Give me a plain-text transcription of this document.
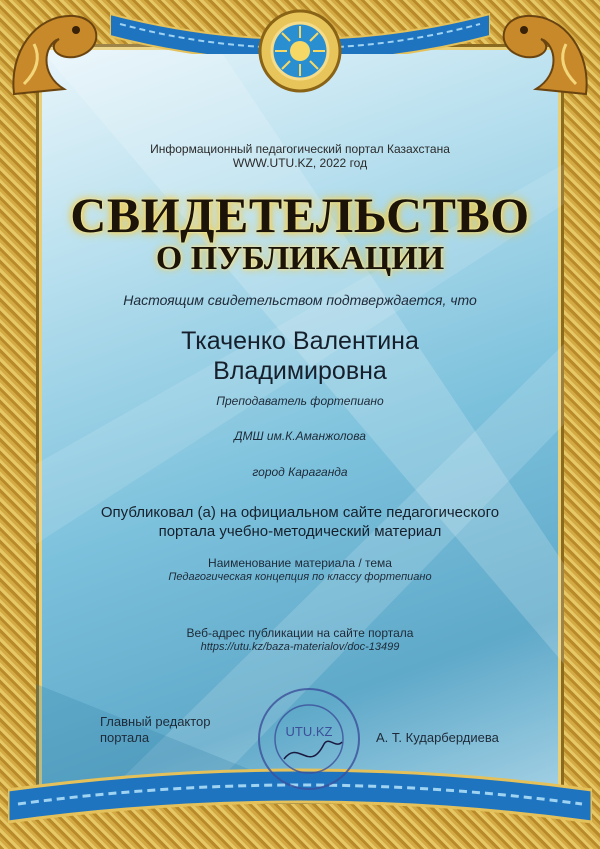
Информационный педагогический портал Казахстана
WWW.UTU.KZ, 2022 год
СВИДЕТЕЛЬСТВО
О ПУБЛИКАЦИИ
Настоящим свидетельством подтверждается, что
Ткаченко Валентина
Владимировна
Преподаватель фортепиано
ДМШ им.К.Аманжолова
город Караганда
Опубликовал (а) на официальном сайте педагогического
портала учебно-методический материал
Наименование материала / тема
Педагогическая концепция по классу фортепиано
Веб-адрес публикации на сайте портала
https://utu.kz/baza-materialov/doc-13499
Главный редактор
портала	UTU.KZ	А. Т. Кударбердиева
